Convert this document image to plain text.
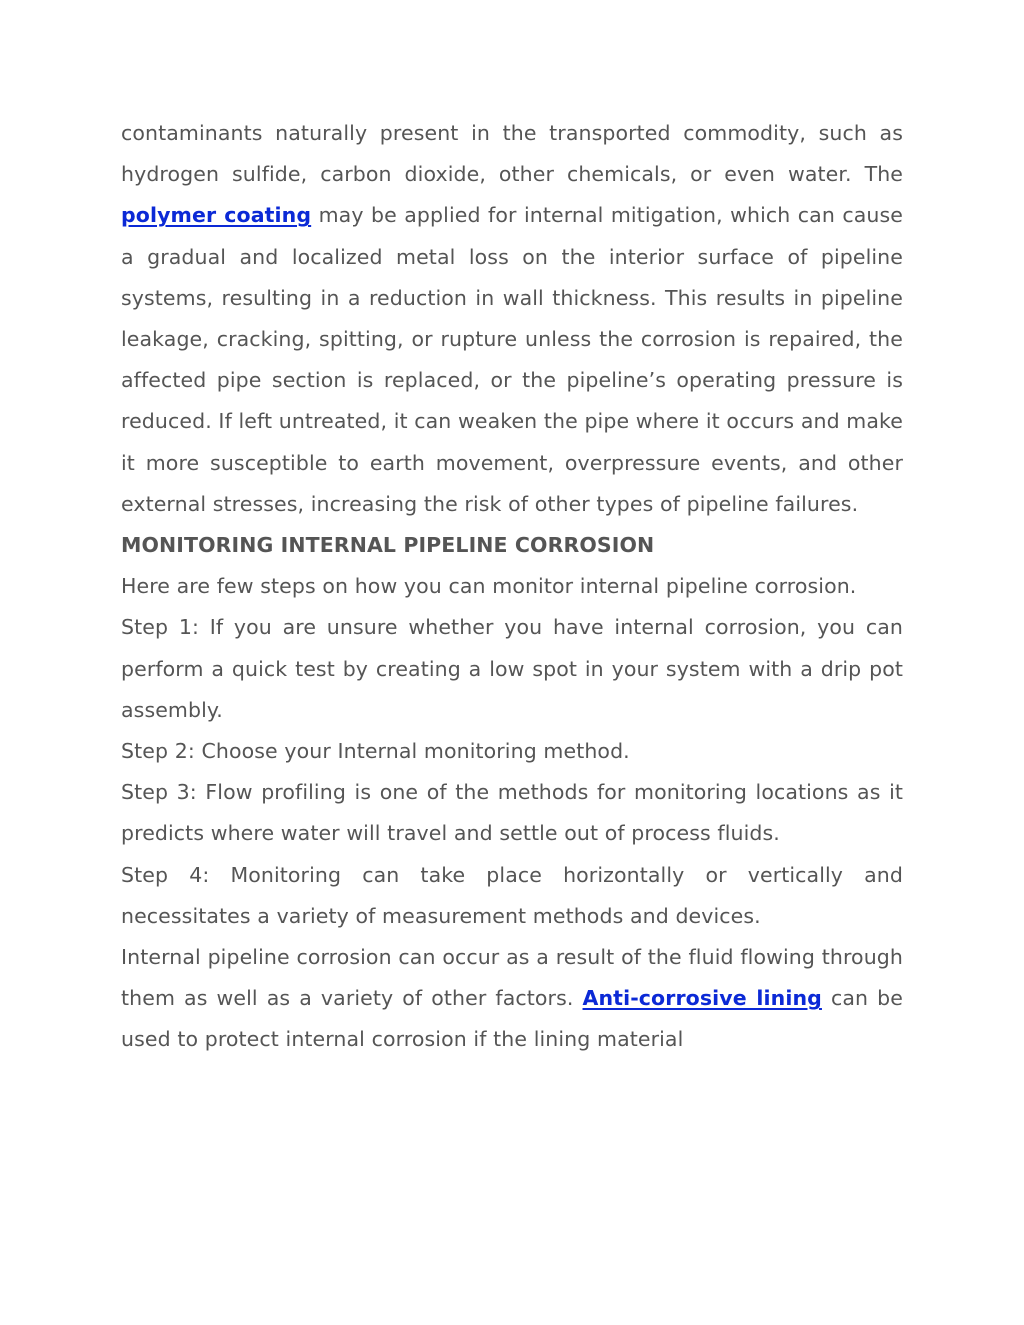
contaminants naturally present in the transported commodity, such as hydrogen sulfide, carbon dioxide, other chemicals, or even water. The polymer coating may be applied for internal mitigation, which can cause a gradual and localized metal loss on the interior surface of pipeline systems, resulting in a reduction in wall thickness. This results in pipeline leakage, cracking, spitting, or rupture unless the corrosion is repaired, the affected pipe section is replaced, or the pipeline’s operating pressure is reduced. If left untreated, it can weaken the pipe where it occurs and make it more susceptible to earth movement, overpressure events, and other external stresses, increasing the risk of other types of pipeline failures.

MONITORING INTERNAL PIPELINE CORROSION

Here are few steps on how you can monitor internal pipeline corrosion.

Step 1: If you are unsure whether you have internal corrosion, you can perform a quick test by creating a low spot in your system with a drip pot assembly.

Step 2: Choose your Internal monitoring method.

Step 3: Flow profiling is one of the methods for monitoring locations as it predicts where water will travel and settle out of process fluids.

Step 4: Monitoring can take place horizontally or vertically and necessitates a variety of measurement methods and devices.

Internal pipeline corrosion can occur as a result of the fluid flowing through them as well as a variety of other factors. Anti-corrosive lining can be used to protect internal corrosion if the lining material
